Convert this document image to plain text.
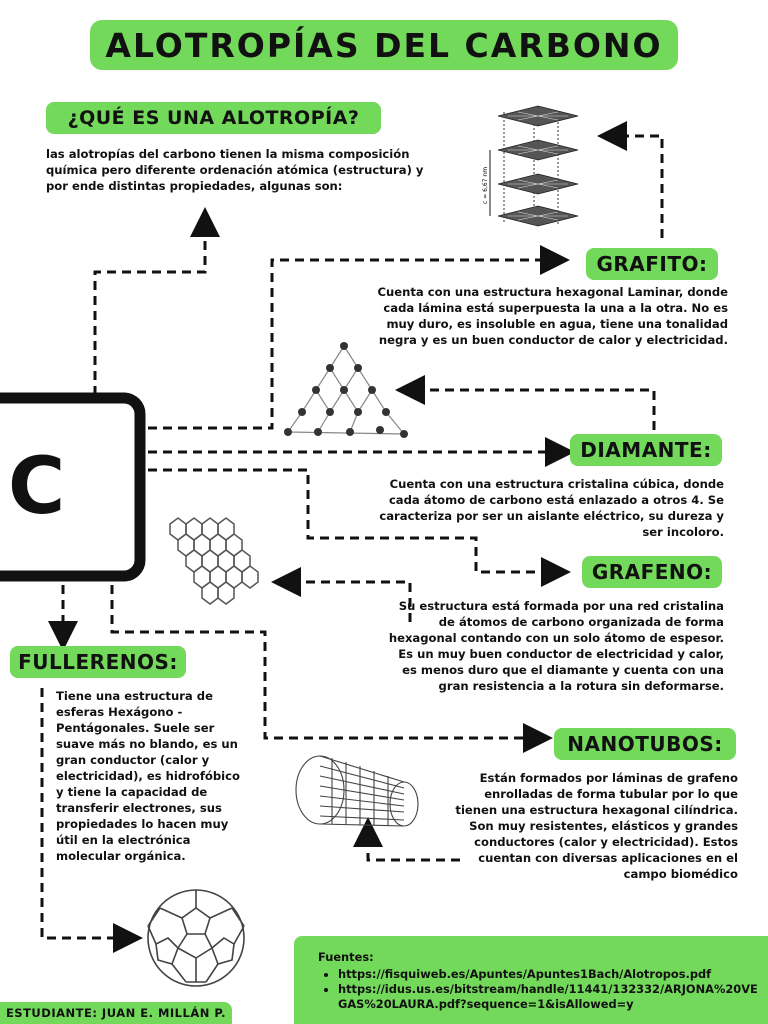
ALOTROPÍAS DEL CARBONO
¿QUÉ ES UNA ALOTROPÍA?

las alotropías del carbono tienen la misma composición química pero diferente ordenación atómica (estructura) y por ende distintas propiedades, algunas son:

C
c = 6,67 nm
GRAFITO:

Cuenta con una estructura hexagonal Laminar, donde cada lámina está superpuesta la una a la otra. No es muy duro, es insoluble en agua, tiene una tonalidad negra y es un buen conductor de calor y electricidad.

DIAMANTE:

Cuenta con una estructura cristalina cúbica, donde cada átomo de carbono está enlazado a otros 4. Se caracteriza por ser un aislante eléctrico, su dureza y ser incoloro.

GRAFENO:

Su estructura está formada por una red cristalina de átomos de carbono organizada de forma hexagonal contando con un solo átomo de espesor. Es un muy buen conductor de electricidad y calor, es menos duro que el diamante y cuenta con una gran resistencia a la rotura sin deformarse.

FULLERENOS:

Tiene una estructura de esferas Hexágono - Pentágonales. Suele ser suave más no blando, es un gran conductor (calor y electricidad), es hidrofóbico y tiene la capacidad de transferir electrones, sus propiedades lo hacen muy útil en la electrónica molecular orgánica.

NANOTUBOS:

Están formados por láminas de grafeno enrolladas de forma tubular por lo que tienen una estructura hexagonal cilíndrica. Son muy resistentes, elásticos y grandes conductores (calor y electricidad). Estos cuentan con diversas aplicaciones en el campo biomédico

Fuentes:
• https://fisquiweb.es/Apuntes/Apuntes1Bach/Alotropos.pdf
• https://idus.us.es/bitstream/handle/11441/132332/ARJONA%20VEGAS%20LAURA.pdf?sequence=1&isAllowed=y
ESTUDIANTE: JUAN E. MILLÁN P.
